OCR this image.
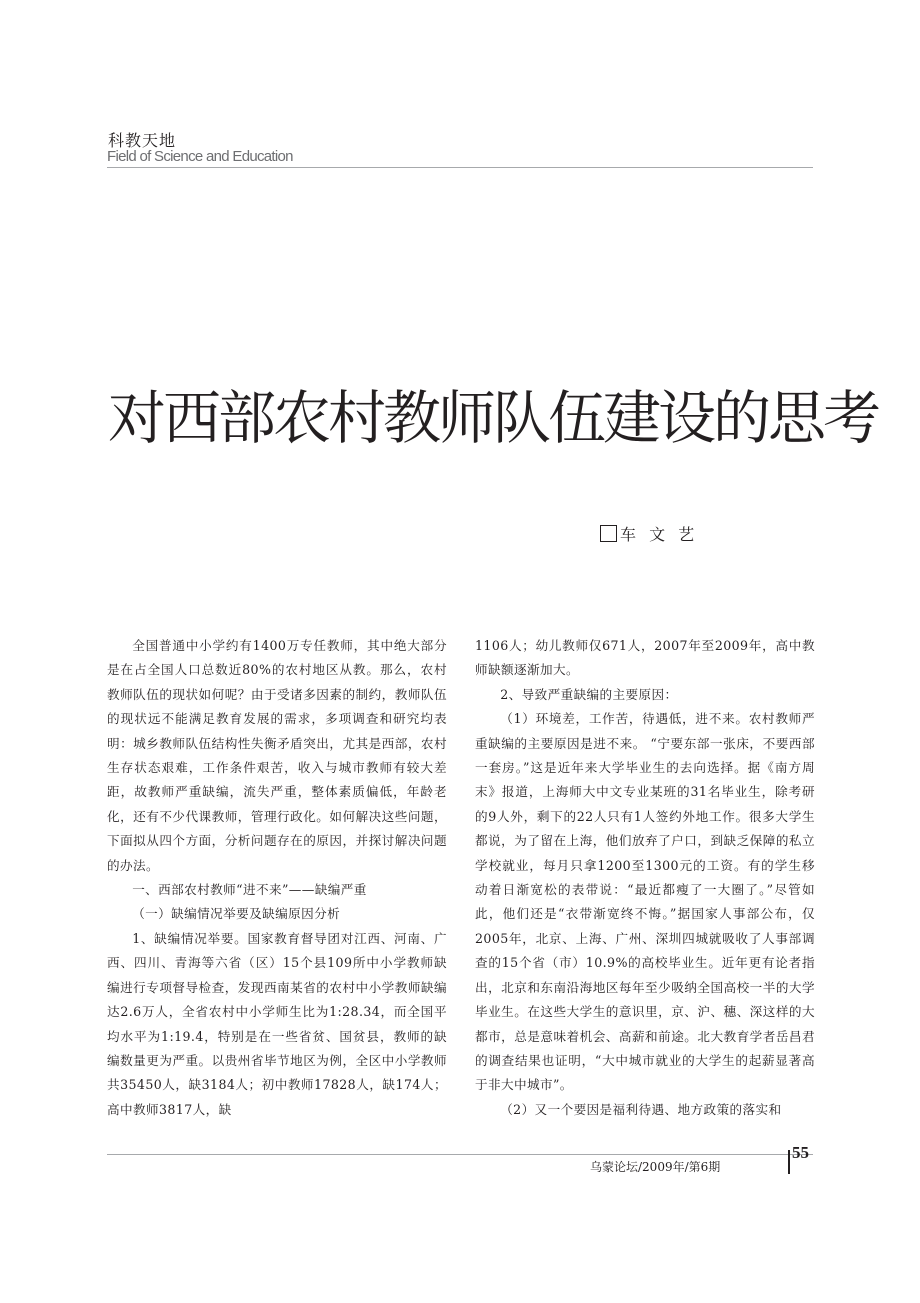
科教天地
Field of Science and Education
对西部农村教师队伍建设的思考
车 文 艺

全国普通中小学约有1400万专任教师，其中绝大部分是在占全国人口总数近80%的农村地区从教。那么，农村教师队伍的现状如何呢？由于受诸多因素的制约，教师队伍的现状远不能满足教育发展的需求，多项调查和研究均表明：城乡教师队伍结构性失衡矛盾突出，尤其是西部，农村生存状态艰难，工作条件艰苦，收入与城市教师有较大差距，故教师严重缺编，流失严重，整体素质偏低，年龄老化，还有不少代课教师，管理行政化。如何解决这些问题，下面拟从四个方面，分析问题存在的原因，并探讨解决问题的办法。

一、西部农村教师“进不来”——缺编严重

（一）缺编情况举要及缺编原因分析

1、缺编情况举要。国家教育督导团对江西、河南、广西、四川、青海等六省（区）15个县109所中小学教师缺编进行专项督导检查，发现西南某省的农村中小学教师缺编达2.6万人，全省农村中小学师生比为1:28.34，而全国平均水平为1:19.4，特别是在一些省贫、国贫县，教师的缺编数量更为严重。以贵州省毕节地区为例，全区中小学教师共35450人，缺3184人；初中教师17828人，缺174人；高中教师3817人，缺

1106人；幼儿教师仅671人，2007年至2009年，高中教师缺额逐渐加大。

2、导致严重缺编的主要原因：

（1）环境差，工作苦，待遇低，进不来。农村教师严重缺编的主要原因是进不来。 “宁要东部一张床，不要西部一套房。”这是近年来大学毕业生的去向选择。据《南方周末》报道，上海师大中文专业某班的31名毕业生，除考研的9人外，剩下的22人只有1人签约外地工作。很多大学生都说，为了留在上海，他们放弃了户口，到缺乏保障的私立学校就业，每月只拿1200至1300元的工资。有的学生移动着日渐宽松的表带说：“最近都瘦了一大圈了。”尽管如此，他们还是“衣带渐宽终不悔。”据国家人事部公布，仅2005年，北京、上海、广州、深圳四城就吸收了人事部调查的15个省（市）10.9%的高校毕业生。近年更有论者指出，北京和东南沿海地区每年至少吸纳全国高校一半的大学毕业生。在这些大学生的意识里，京、沪、穗、深这样的大都市，总是意味着机会、高薪和前途。北大教育学者岳昌君的调查结果也证明，“大中城市就业的大学生的起薪显著高于非大中城市”。

（2）又一个要因是福利待遇、地方政策的落实和

乌蒙论坛/2009年/第6期
55
